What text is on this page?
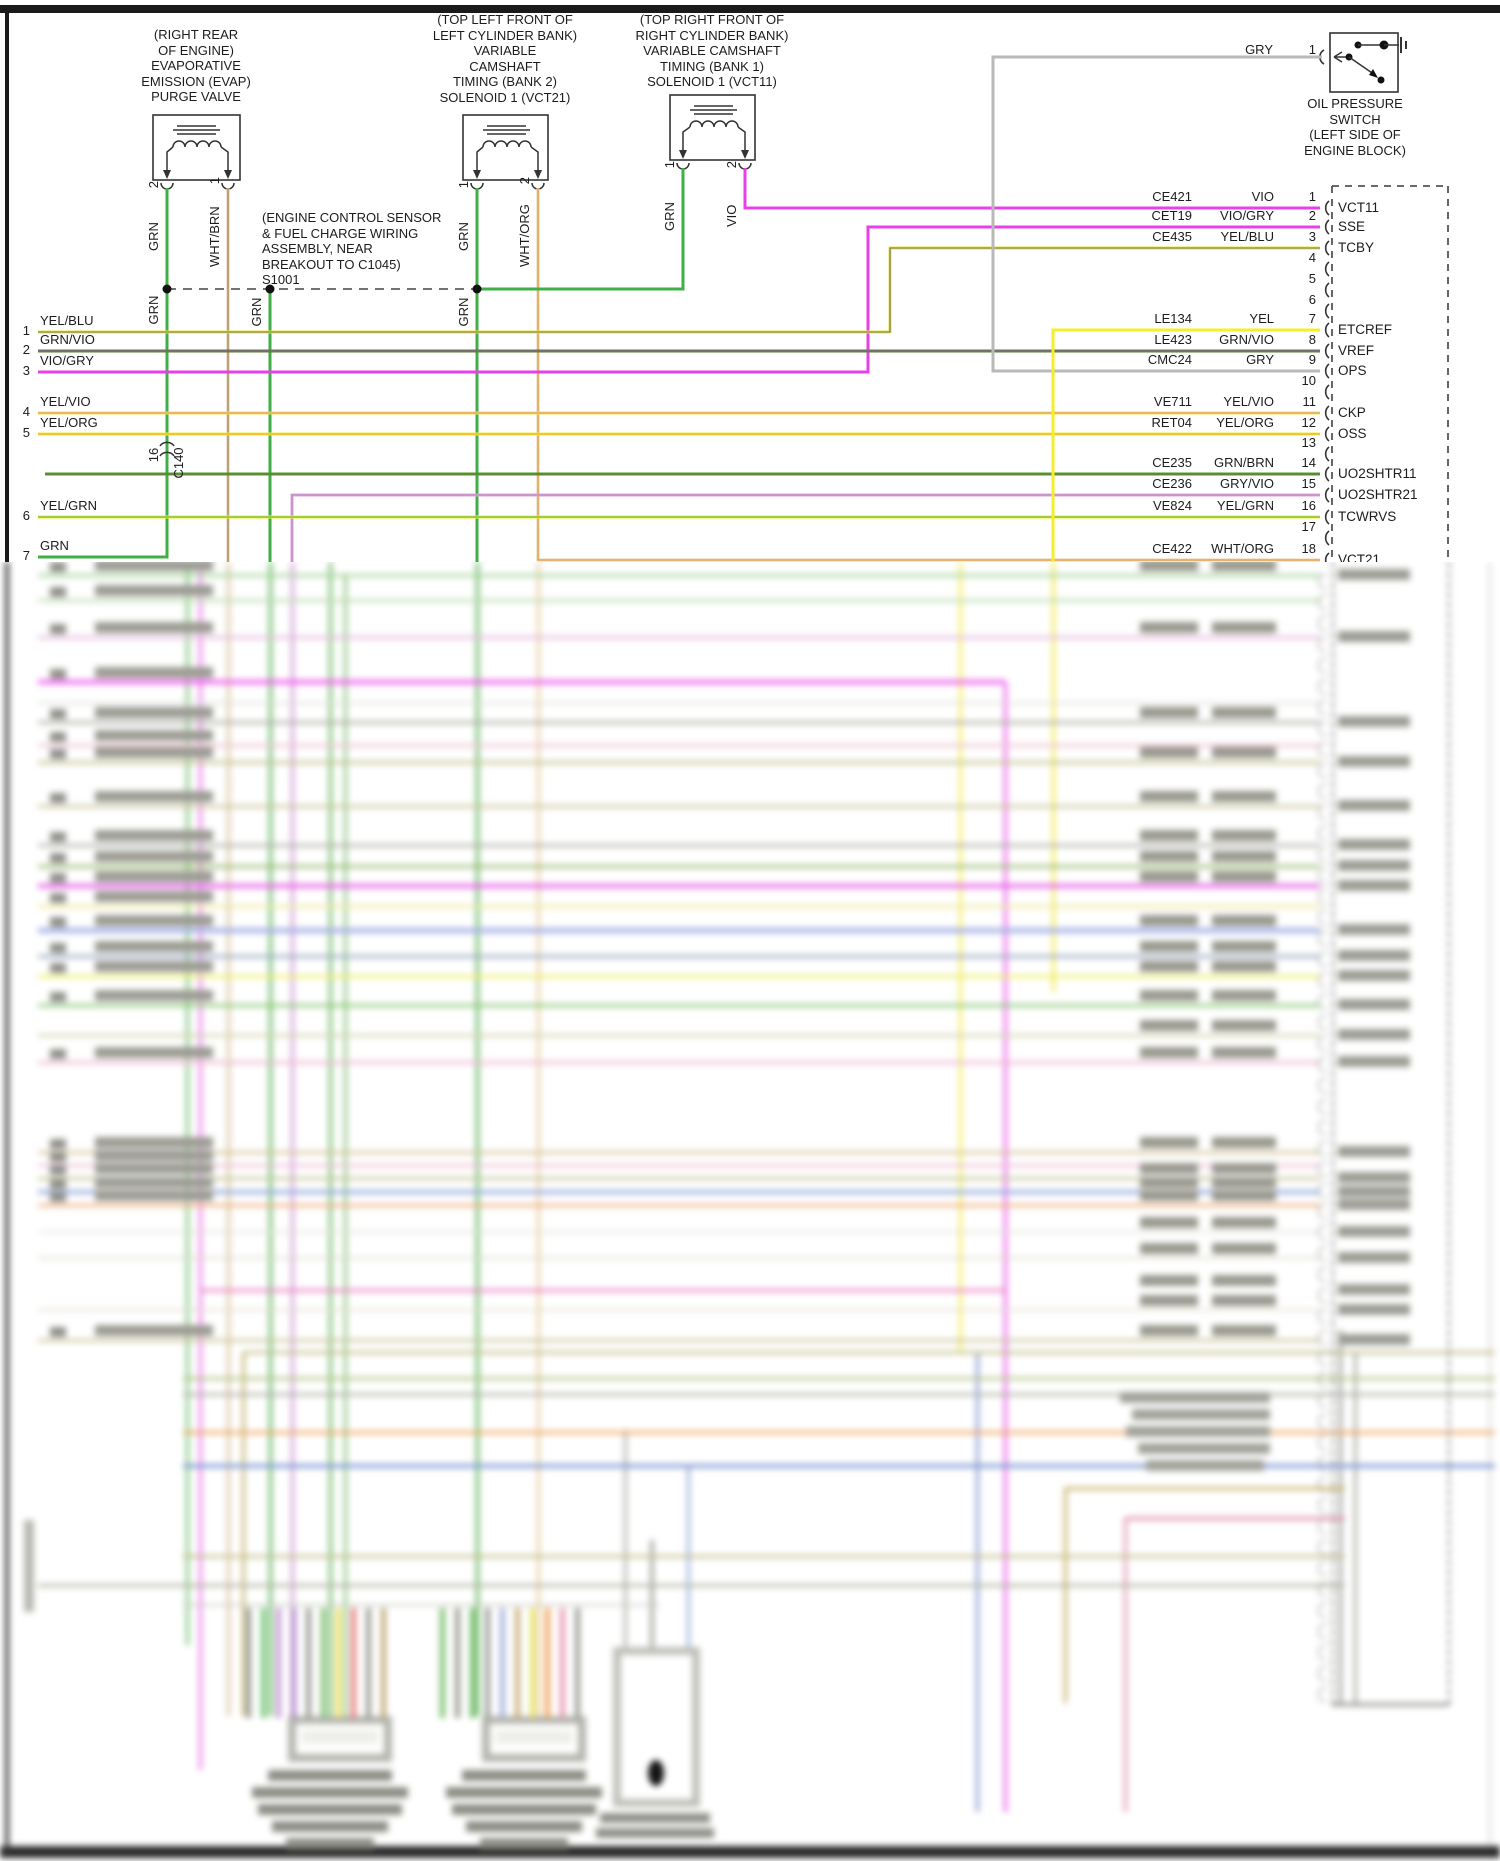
(RIGHT REAR
OF ENGINE)
EVAPORATIVE
EMISSION (EVAP)
PURGE VALVE
(TOP LEFT FRONT OF
LEFT CYLINDER BANK)
VARIABLE
CAMSHAFT
TIMING (BANK 2)
SOLENOID 1 (VCT21)
(TOP RIGHT FRONT OF
RIGHT CYLINDER BANK)
VARIABLE CAMSHAFT
TIMING (BANK 1)
SOLENOID 1 (VCT11)
OIL PRESSURE
SWITCH
(LEFT SIDE OF
ENGINE BLOCK)
(ENGINE CONTROL SENSOR
& FUEL CHARGE WIRING
ASSEMBLY, NEAR
BREAKOUT TO C1045)
S1001
GRY	1
GRN
2
WHT/BRN
1
GRN
1
WHT/ORG
2
GRN
1
VIO
2
GRN	GRN	GRN
16 C140
1
YEL/BLU
2
GRN/VIO
3
VIO/GRY
4
YEL/VIO
5
YEL/ORG
6
YEL/GRN
7
GRN
CE421	VIO	1
VCT11
CET19	VIO/GRY	2
SSE
CE435	YEL/BLU	3
TCBY
4
5
6
LE134	YEL	7
ETCREF
LE423	GRN/VIO	8
VREF
CMC24	GRY	9
OPS
10
VE711	YEL/VIO	11
CKP
RET04	YEL/ORG	12
OSS
13
CE235	GRN/BRN	14
UO2SHTR11
CE236	GRY/VIO	15
UO2SHTR21
VE824	YEL/GRN	16
TCWRVS
17
CE422	WHT/ORG	18
VCT21
